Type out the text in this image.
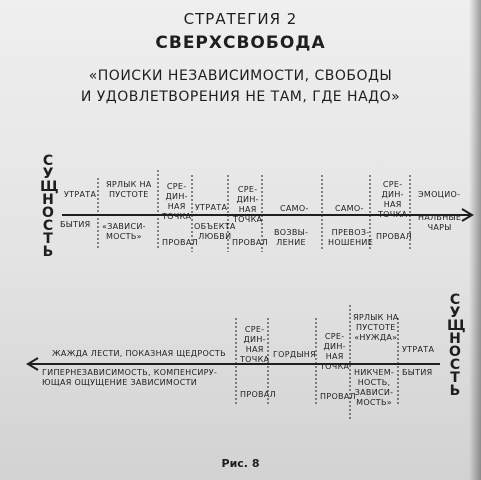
СТРАТЕГИЯ 2
СВЕРХСВОБОДА
«ПОИСКИ НЕЗАВИСИМОСТИ, СВОБОДЫ
И УДОВЛЕТВОРЕНИЯ НЕ ТАМ, ГДЕ НАДО»
С
У
Щ
Н
О
С
Т
Ь
С
У
Щ
Н
О
С
Т
Ь
УТРАТА
ЯРЛЫК НА
ПУСТОТЕ
СРЕ-
ДИН-
НАЯ
ТОЧКА
УТРАТА
СРЕ-
ДИН-
НАЯ
ТОЧКА
САМО-	САМО-
СРЕ-
ДИН-
НАЯ
ТОЧКА
ЭМОЦИО-
БЫТИЯ «ЗАВИСИ-
МОСТЬ»
ПРОВАЛ
ОБЪЕКТА
ЛЮБВИ
ПРОВАЛ
ВОЗВЫ-
ЛЕНИЕ
ПРЕВОЗ-
НОШЕНИЕ
ПРОВАЛ
НАЛЬНЫЕ
ЧАРЫ
ЖАЖДА ЛЕСТИ, ПОКАЗНАЯ ЩЕДРОСТЬ
СРЕ-
ДИН-
НАЯ
ТОЧКА
ГОРДЫНЯ
СРЕ-
ДИН-
НАЯ
ТОЧКА
ЯРЛЫК НА
ПУСТОТЕ
«НУЖДА»
УТРАТА
ГИПЕРНЕЗАВИСИМОСТЬ, КОМПЕНСИРУ-
ЮЩАЯ ОЩУЩЕНИЕ ЗАВИСИМОСТИ
ПРОВАЛ	ПРОВАЛ
НИКЧЕМ-
НОСТЬ,
ЗАВИСИ-
МОСТЬ»
БЫТИЯ
Рис. 8
